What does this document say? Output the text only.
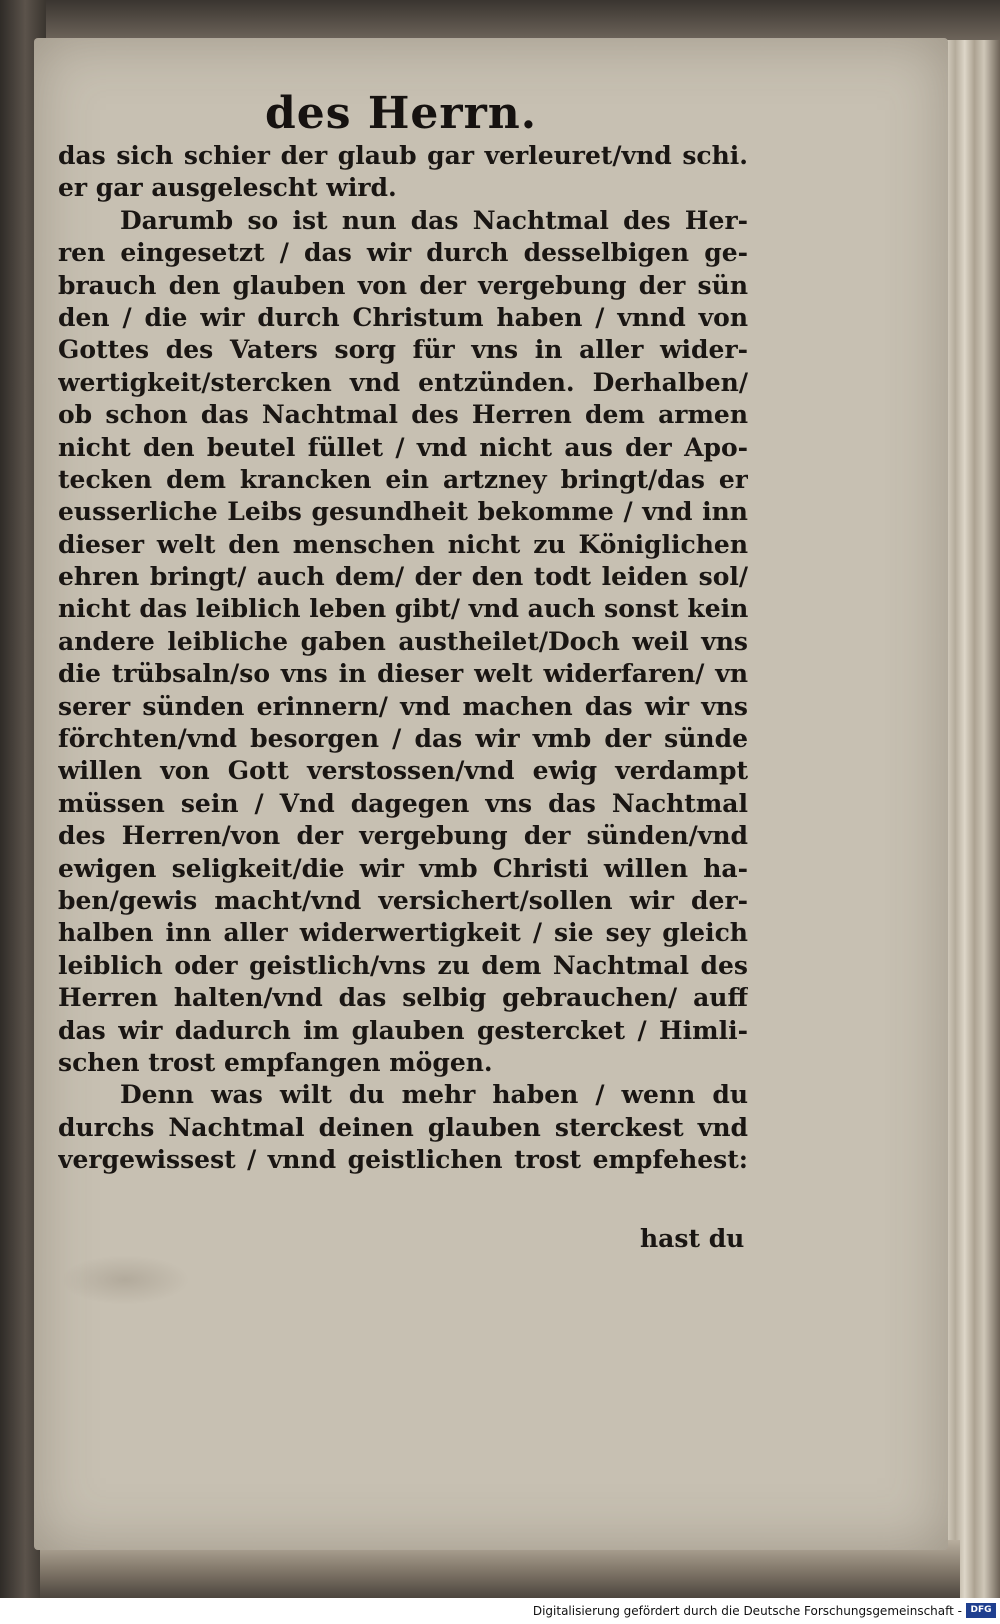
des Herrn.
das sich schier der glaub gar verleuret/vnd schi.
er gar ausgelescht wird.
Darumb so ist nun das Nachtmal des Her-
ren eingesetzt / das wir durch desselbigen ge-
brauch den glauben von der vergebung der sün
den / die wir durch Christum haben / vnnd von
Gottes des Vaters sorg für vns in aller wider-
wertigkeit/stercken vnd entzünden. Derhalben/
ob schon das Nachtmal des Herren dem armen
nicht den beutel füllet / vnd nicht aus der Apo-
tecken dem krancken ein artzney bringt/das er
eusserliche Leibs gesundheit bekomme / vnd inn
dieser welt den menschen nicht zu Königlichen
ehren bringt/ auch dem/ der den todt leiden sol/
nicht das leiblich leben gibt/ vnd auch sonst kein
andere leibliche gaben austheilet/Doch weil vns
die trübsaln/so vns in dieser welt widerfaren/ vn
serer sünden erinnern/ vnd machen das wir vns
förchten/vnd besorgen / das wir vmb der sünde
willen von Gott verstossen/vnd ewig verdampt
müssen sein / Vnd dagegen vns das Nachtmal
des Herren/von der vergebung der sünden/vnd
ewigen seligkeit/die wir vmb Christi willen ha-
ben/gewis macht/vnd versichert/sollen wir der-
halben inn aller widerwertigkeit / sie sey gleich
leiblich oder geistlich/vns zu dem Nachtmal des
Herren halten/vnd das selbig gebrauchen/ auff
das wir dadurch im glauben gestercket / Himli-
schen trost empfangen mögen.
Denn was wilt du mehr haben / wenn du
durchs Nachtmal deinen glauben sterckest vnd
vergewissest / vnnd geistlichen trost empfehest:
hast du
Digitalisierung gefördert durch die Deutsche Forschungsgemeinschaft - DFG
